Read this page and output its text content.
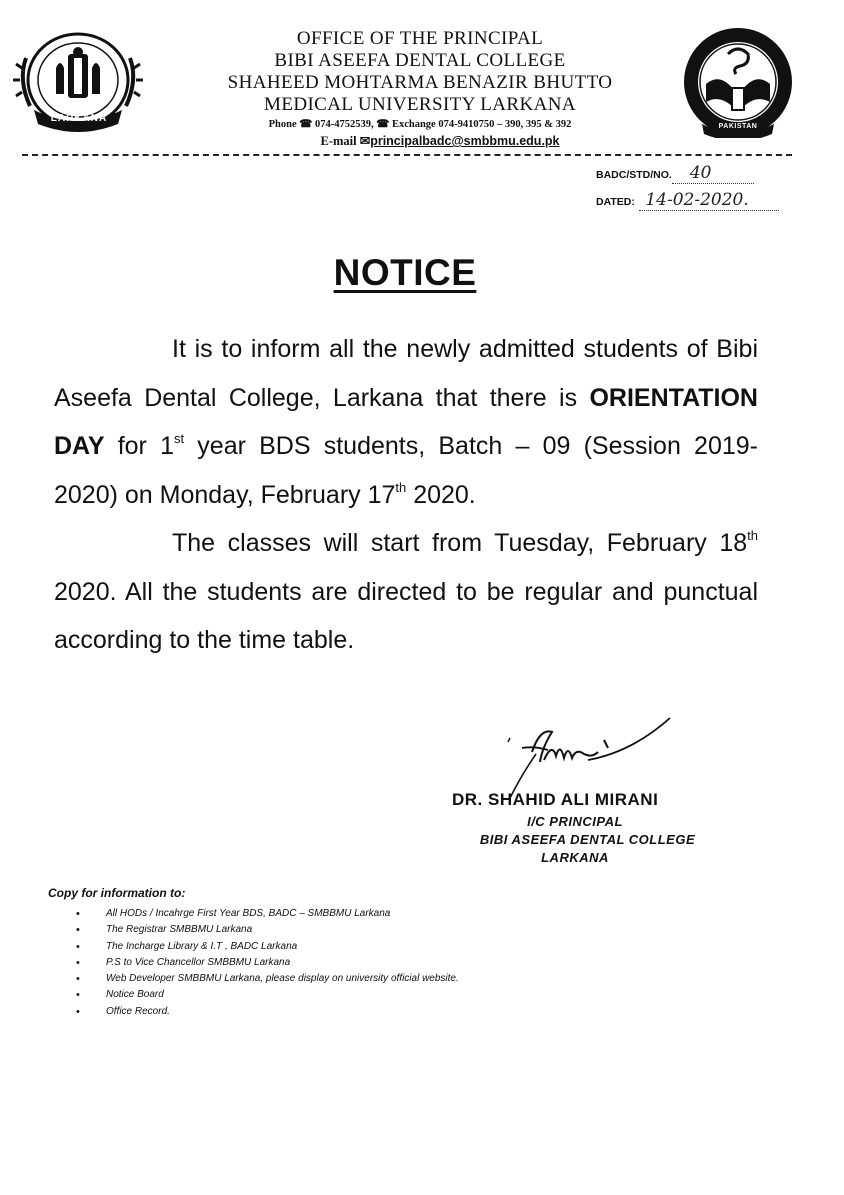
LARKANA
PAKISTAN
OFFICE OF THE PRINCIPAL
BIBI ASEEFA DENTAL COLLEGE
SHAHEED MOHTARMA BENAZIR BHUTTO
MEDICAL UNIVERSITY LARKANA
Phone ☎ 074-4752539, ☎ Exchange 074-9410750 – 390, 395 & 392
E-mail ✉principalbadc@smbbmu.edu.pk
BADC/STD/NO. 40
DATED: 14-02-2020.
NOTICE

It is to inform all the newly admitted students of Bibi Aseefa Dental College, Larkana that there is ORIENTATION DAY for 1st year BDS students, Batch – 09 (Session 2019-2020) on Monday, February 17th 2020.

The classes will start from Tuesday, February 18th 2020. All the students are directed to be regular and punctual according to the time table.

DR. SHAHID ALI MIRANI
I/C PRINCIPAL
BIBI ASEEFA DENTAL COLLEGE
LARKANA
Copy for information to:
•	All HODs / Incahrge First Year BDS, BADC – SMBBMU Larkana
•	The Registrar SMBBMU Larkana
•	The Incharge Library & I.T , BADC Larkana
•	P.S to Vice Chancellor SMBBMU Larkana
•	Web Developer SMBBMU Larkana, please display on university official website.
•	Notice Board
•	Office Record.
